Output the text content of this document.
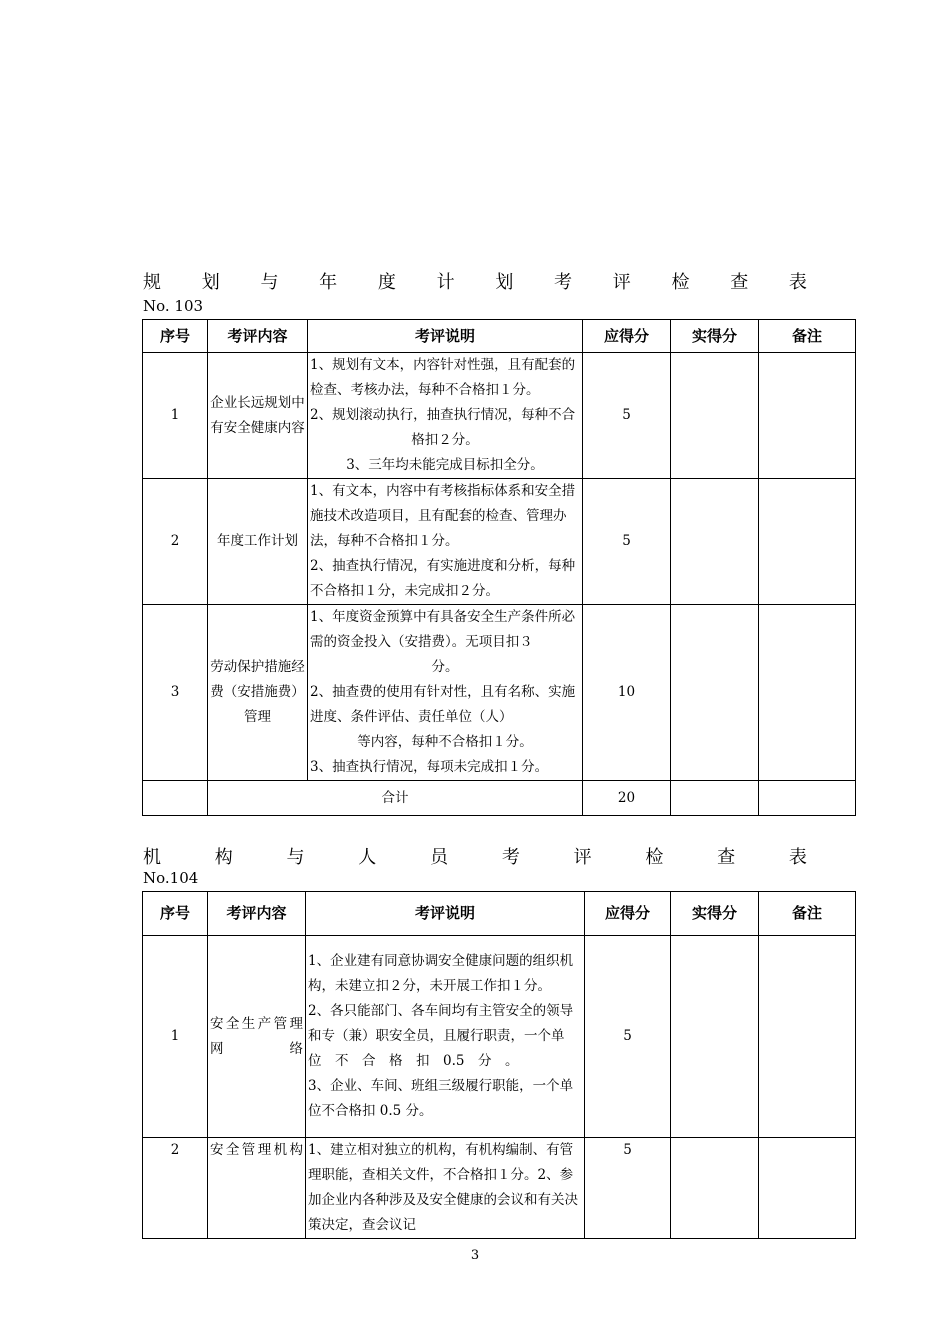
规 划 与 年 度 计 划 考 评 检 查 表
No. 103
序号	考评内容	考评说明	应得分	实得分	备注
1	企业长远规划中有安全健康内容	1、规划有文本，内容针对性强，且有配套的检查、考核办法，每种不合格扣１分。
2、规划滚动执行，抽查执行情况，每种不合
格扣２分。
3、三年均未能完成目标扣全分。	5		
2	年度工作计划	1、有文本，内容中有考核指标体系和安全措施技术改造项目，且有配套的检查、管理办法，每种不合格扣１分。
2、抽查执行情况，有实施进度和分析，每种不合格扣１分，未完成扣２分。	5		
3	劳动保护措施经费（安措施费）管理	1、年度资金预算中有具备安全生产条件所必需的资金投入（安措费）。无项目扣３
分。
2、抽查费的使用有针对性，且有名称、实施进度、条件评估、责任单位（人）
等内容，每种不合格扣１分。
3、抽查执行情况，每项未完成扣１分。	10		
	合计		20		
机	构	与	人	员	考	评	检	查	表
No.104
序号	考评内容	考评说明	应得分	实得分	备注
1	安全生产管理网络	1、企业建有同意协调安全健康问题的组织机构，未建立扣２分，未开展工作扣１分。
2、各只能部门、各车间均有主管安全的领导和专（兼）职安全员，且履行职责，一个单
位　不　合　格　扣　0.5　分　。
3、企业、车间、班组三级履行职能，一个单位不合格扣 0.5 分。	5		
2	安全管理机构	1、建立相对独立的机构，有机构编制、有管理职能，查相关文件，不合格扣１分。2、参加企业内各种涉及及安全健康的会议和有关决策决定，查会议记	5		
3
